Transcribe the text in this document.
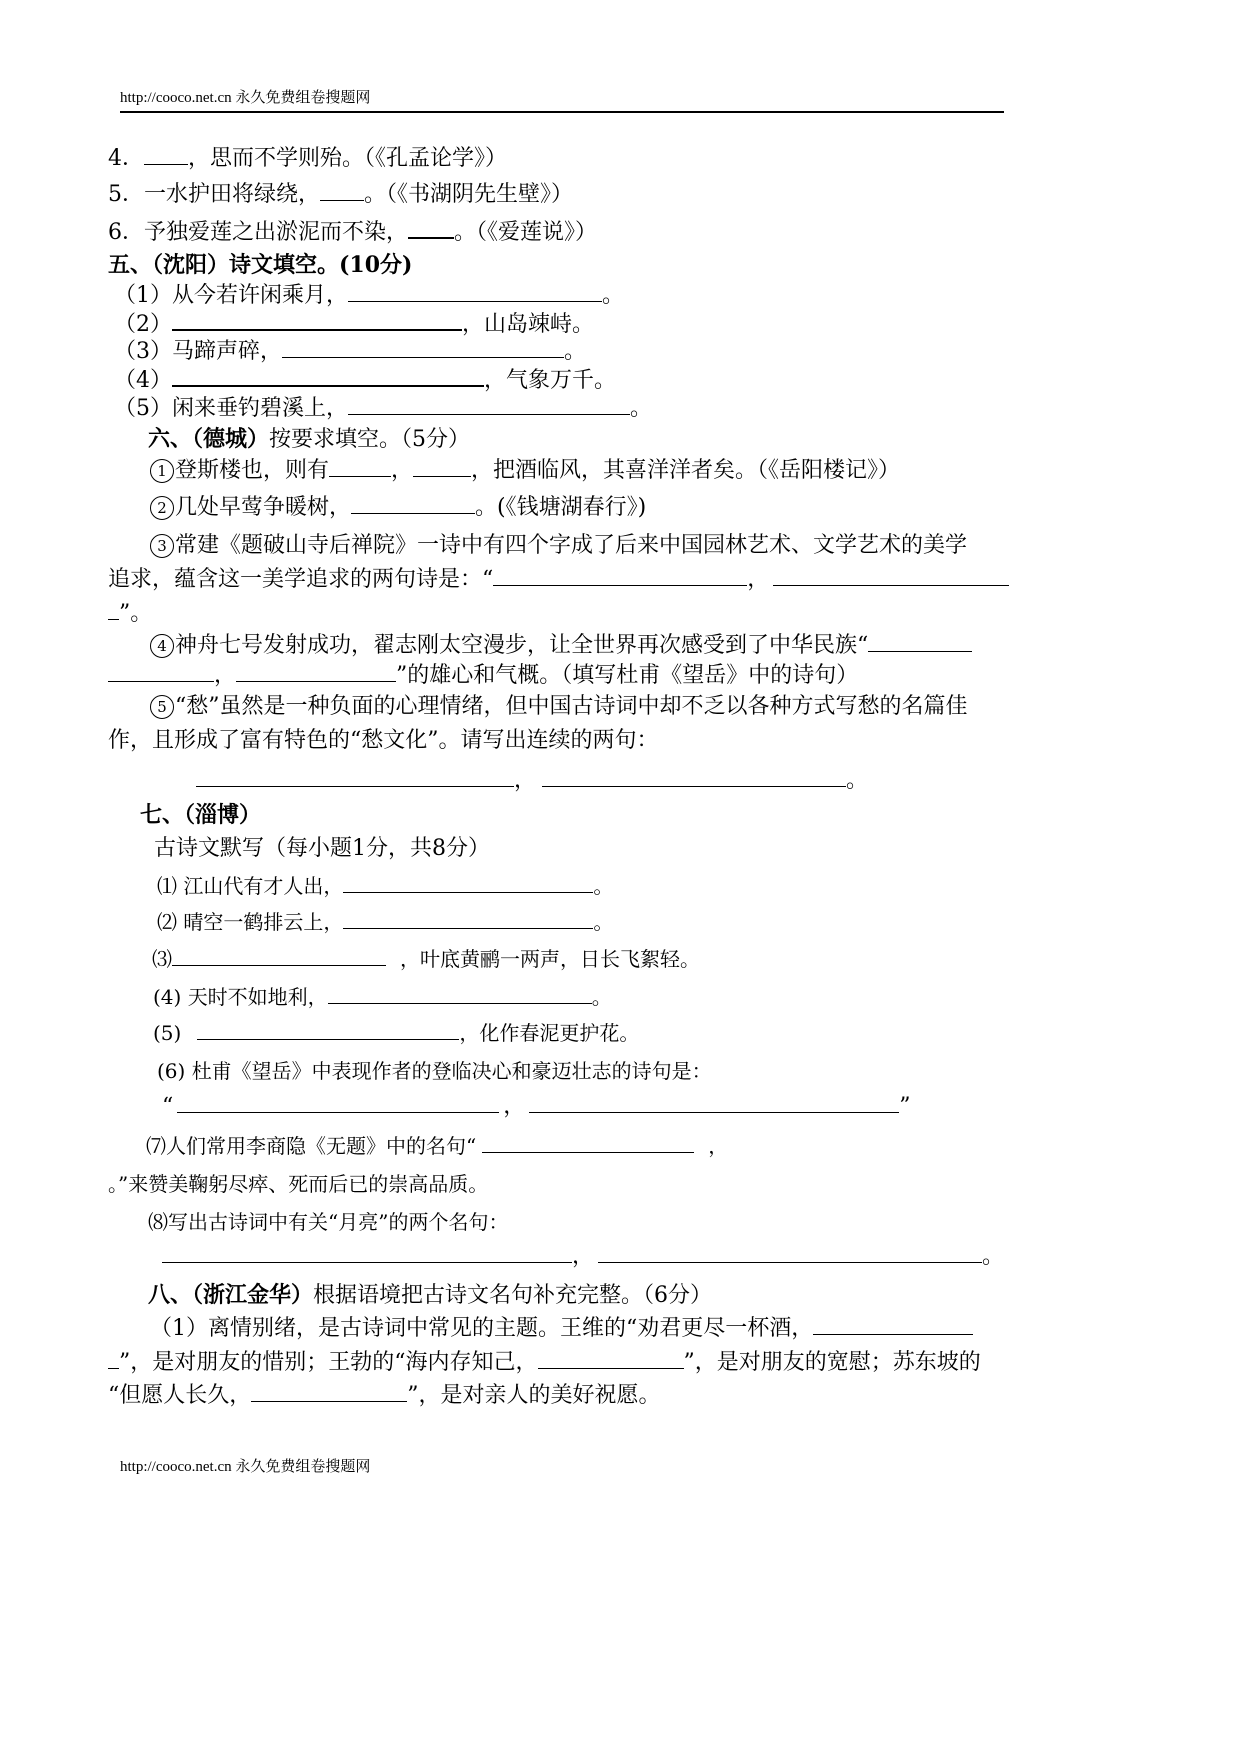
http://cooco.net.cn 永久免费组卷搜题网
4． ，思而不学则殆。（《孔孟论学》）
5．一水护田将绿绕， 。（《书湖阴先生壁》）
6．予独爱莲之出淤泥而不染， 。（《爱莲说》）
五、（沈阳）诗文填空。(10分)
（1）从今若许闲乘月，	。
（2）	，山岛竦峙。
（3）马蹄声碎，	。
（4）	，气象万千。
（5）闲来垂钓碧溪上，	。
六、（德城）按要求填空。（5分）
1 登斯楼也，则有	，	，把酒临风，其喜洋洋者矣。（《岳阳楼记》）
2 几处早莺争暖树，	。(《钱塘湖春行》)
3 常建《题破山寺后禅院》一诗中有四个字成了后来中国园林艺术、文学艺术的美学
追求，蕴含这一美学追求的两句诗是：“	，
”。
4 神舟七号发射成功，翟志刚太空漫步，让全世界再次感受到了中华民族“
，	”的雄心和气概。（填写杜甫《望岳》中的诗句）
5 “愁”虽然是一种负面的心理情绪，但中国古诗词中却不乏以各种方式写愁的名篇佳
作，且形成了富有特色的“愁文化”。请写出连续的两句：
，	。
七、（淄博）
古诗文默写（每小题1分，共8分）
⑴ 江山代有才人出，	。
⑵ 晴空一鹤排云上，	。
⑶	，叶底黄鹂一两声，日长飞絮轻。
(4) 天时不如地利，	。
(5)	，化作春泥更护花。
(6) 杜甫《望岳》中表现作者的登临决心和豪迈壮志的诗句是：
“	，	”
⑺人们常用李商隐《无题》中的名句“	，
。”来赞美鞠躬尽瘁、死而后已的崇高品质。
⑻写出古诗词中有关“月亮”的两个名句：
，	。
八、（浙江金华）根据语境把古诗文名句补充完整。（6分）
（1）离情别绪，是古诗词中常见的主题。王维的“劝君更尽一杯酒，
”，是对朋友的惜别；王勃的“海内存知己，	”，是对朋友的宽慰；苏东坡的
“但愿人长久，	”，是对亲人的美好祝愿。
http://cooco.net.cn 永久免费组卷搜题网
